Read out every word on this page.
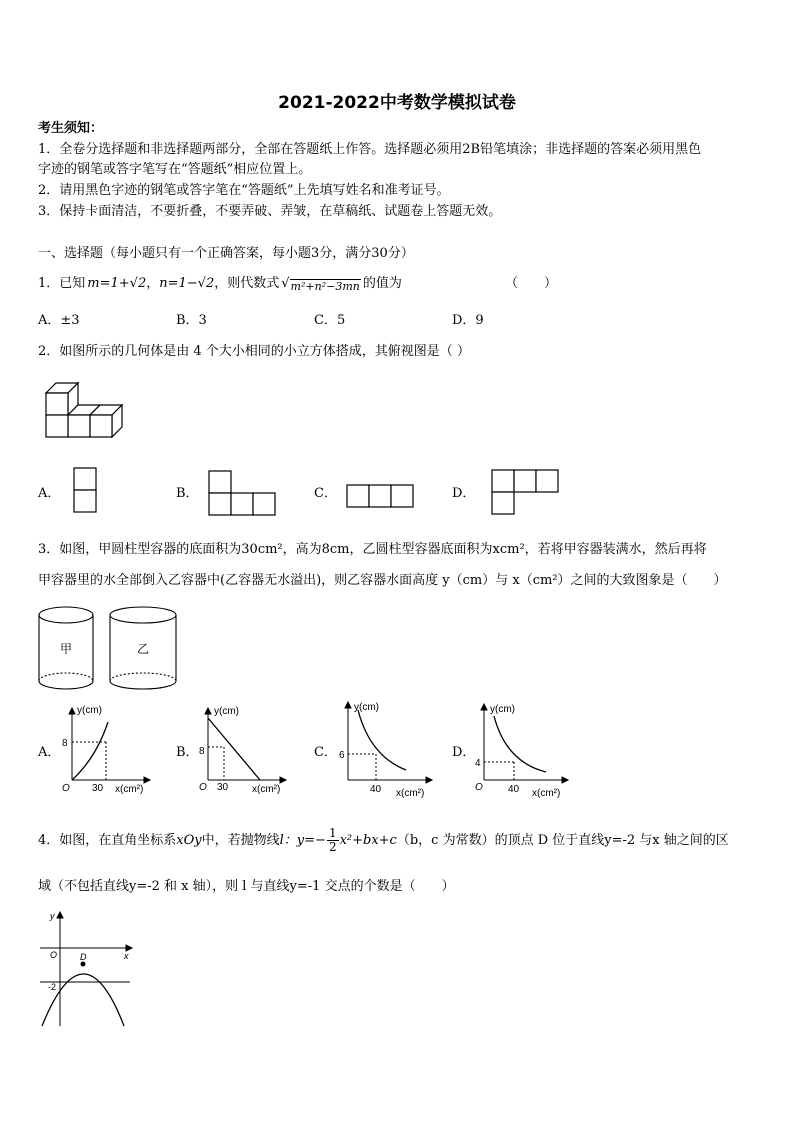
2021-2022中考数学模拟试卷
考生须知：
1．全卷分选择题和非选择题两部分，全部在答题纸上作答。选择题必须用2B铅笔填涂；非选择题的答案必须用黑色
字迹的钢笔或答字笔写在“答题纸”相应位置上。
2．请用黑色字迹的钢笔或答字笔在“答题纸”上先填写姓名和准考证号。
3．保持卡面清洁，不要折叠，不要弄破、弄皱，在草稿纸、试题卷上答题无效。
一、选择题（每小题只有一个正确答案，每小题3分，满分30分）
1．已知 m=1+√2 ， n=1−√2 ，则代数式 √ m²+n²−3mn 的值为	（　　）
A．±3	B．3	C．5	D．9
2．如图所示的几何体是由 4 个大小相同的小立方体搭成，其俯视图是（ ）
A．	B．	C．	D．
3．如图，甲圆柱型容器的底面积为30cm²，高为8cm，乙圆柱型容器底面积为xcm²，若将甲容器装满水，然后再将
甲容器里的水全部倒入乙容器中(乙容器无水溢出)，则乙容器水面高度 y（cm）与 x（cm²）之间的大致图象是（　　）
甲	乙
A．
y(cm)
8
O 30 x(cm²)
B．
y(cm)
8
O 30 x(cm²)
C．
y(cm)
6
40 x(cm²)
D．
y(cm)
4
O	40 x(cm²)
4．如图，在直角坐标系 xOy 中，若抛物线 l：$y=- \frac{1}{2} x^2+bx+c$ （b，c 为常数）的顶点 D 位于直线y=-2 与x 轴之间的区
域（不包括直线y=-2 和 x 轴），则 l 与直线y=-1 交点的个数是（　　）
y
x
O	D
-2
